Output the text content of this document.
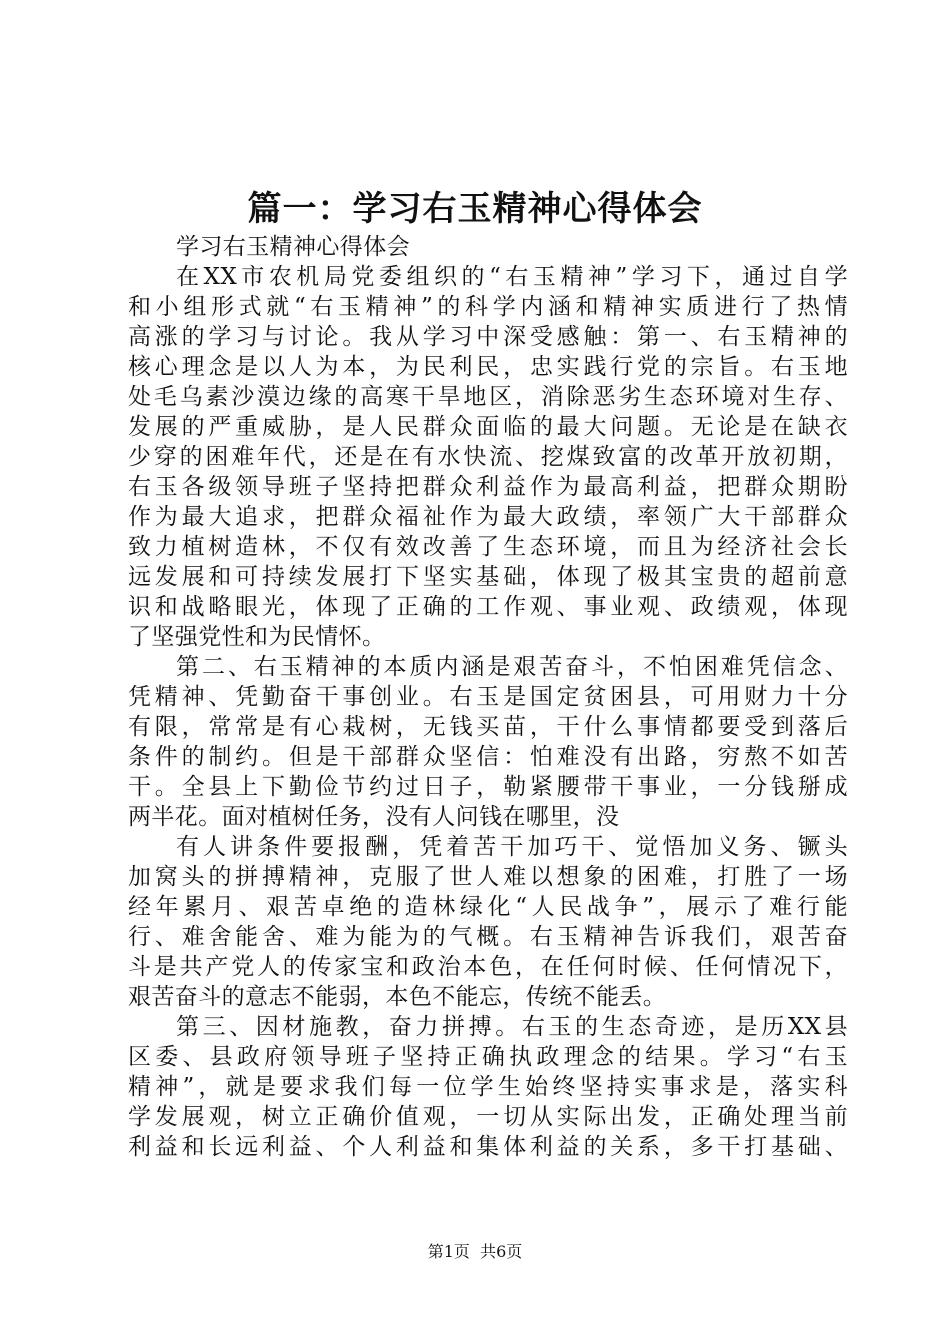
篇一：学习右玉精神心得体会
学习右玉精神心得体会
在XX市农机局党委组织的“右玉精神”学习下，通过自学
和小组形式就“右玉精神”的科学内涵和精神实质进行了热情
高涨的学习与讨论。我从学习中深受感触：第一、右玉精神的
核心理念是以人为本，为民利民，忠实践行党的宗旨。右玉地
处毛乌素沙漠边缘的高寒干旱地区，消除恶劣生态环境对生存、
发展的严重威胁，是人民群众面临的最大问题。无论是在缺衣
少穿的困难年代，还是在有水快流、挖煤致富的改革开放初期，
右玉各级领导班子坚持把群众利益作为最高利益，把群众期盼
作为最大追求，把群众福祉作为最大政绩，率领广大干部群众
致力植树造林，不仅有效改善了生态环境，而且为经济社会长
远发展和可持续发展打下坚实基础，体现了极其宝贵的超前意
识和战略眼光，体现了正确的工作观、事业观、政绩观，体现
了坚强党性和为民情怀。
第二、右玉精神的本质内涵是艰苦奋斗，不怕困难凭信念、
凭精神、凭勤奋干事创业。右玉是国定贫困县，可用财力十分
有限，常常是有心栽树，无钱买苗，干什么事情都要受到落后
条件的制约。但是干部群众坚信：怕难没有出路，穷熬不如苦
干。全县上下勤俭节约过日子，勒紧腰带干事业，一分钱掰成
两半花。面对植树任务，没有人问钱在哪里，没
有人讲条件要报酬，凭着苦干加巧干、觉悟加义务、镢头
加窝头的拼搏精神，克服了世人难以想象的困难，打胜了一场
经年累月、艰苦卓绝的造林绿化“人民战争”，展示了难行能
行、难舍能舍、难为能为的气概。右玉精神告诉我们，艰苦奋
斗是共产党人的传家宝和政治本色，在任何时候、任何情况下，
艰苦奋斗的意志不能弱，本色不能忘，传统不能丢。
第三、因材施教，奋力拼搏。右玉的生态奇迹，是历XX县
区委、县政府领导班子坚持正确执政理念的结果。学习“右玉
精神”，就是要求我们每一位学生始终坚持实事求是，落实科
学发展观，树立正确价值观，一切从实际出发，正确处理当前
利益和长远利益、个人利益和集体利益的关系，多干打基础、
第1页  共6页
